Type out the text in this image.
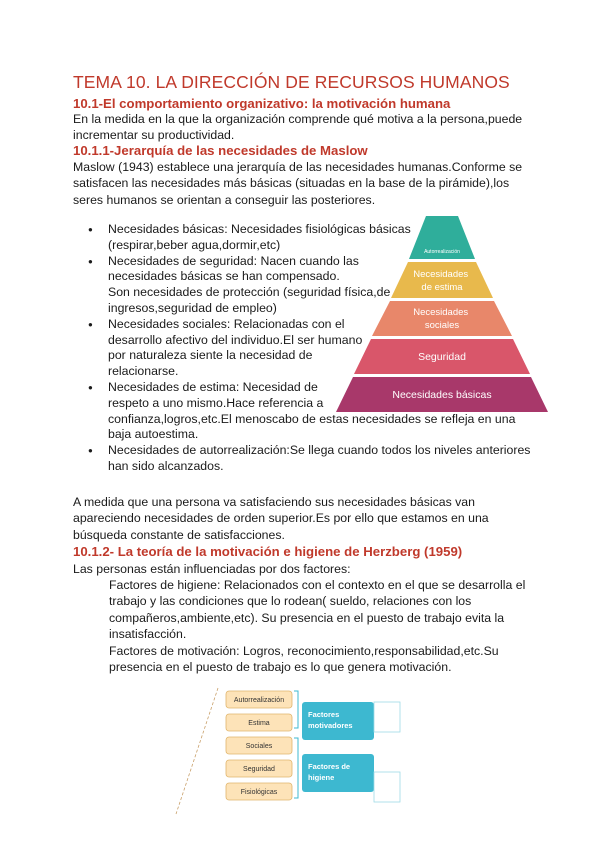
TEMA 10. LA DIRECCIÓN DE RECURSOS HUMANOS
10.1-El comportamiento organizativo: la motivación humana
En la medida en la que la organización comprende qué motiva a la persona,puede
incrementar su productividad.
10.1.1-Jerarquía de las necesidades de Maslow
Maslow (1943) establece una jerarquía de las necesidades humanas.Conforme se
satisfacen las necesidades más básicas (situadas en la base de la pirámide),los
seres humanos se orientan a conseguir las posteriores.
Autorrealización
Necesidades de estima
Necesidades sociales
Seguridad
Necesidades básicas
● Necesidades básicas: Necesidades fisiológicas básicas
(respirar,beber agua,dormir,etc)
● Necesidades de seguridad: Nacen cuando las
necesidades básicas se han compensado.
Son necesidades de protección (seguridad física,de
ingresos,seguridad de empleo)
● Necesidades sociales: Relacionadas con el
desarrollo afectivo del individuo.El ser humano
por naturaleza siente la necesidad de
relacionarse.
● Necesidades de estima: Necesidad de
respeto a uno mismo.Hace referencia a
confianza,logros,etc.El menoscabo de estas necesidades se refleja en una
baja autoestima.
● Necesidades de autorrealización:Se llega cuando todos los niveles anteriores
han sido alcanzados.
A medida que una persona va satisfaciendo sus necesidades básicas van
apareciendo necesidades de orden superior.Es por ello que estamos en una
búsqueda constante de satisfacciones.
10.1.2- La teoría de la motivación e higiene de Herzberg (1959)
Las personas están influenciadas por dos factores:
Factores de higiene: Relacionados con el contexto en el que se desarrolla el
trabajo y las condiciones que lo rodean( sueldo, relaciones con los
compañeros,ambiente,etc). Su presencia en el puesto de trabajo evita la
insatisfacción.
Factores de motivación: Logros, reconocimiento,responsabilidad,etc.Su
presencia en el puesto de trabajo es lo que genera motivación.
Autorrealización
Estima
Sociales
Seguridad
Fisiológicas
Factores motivadores
Factores de higiene
